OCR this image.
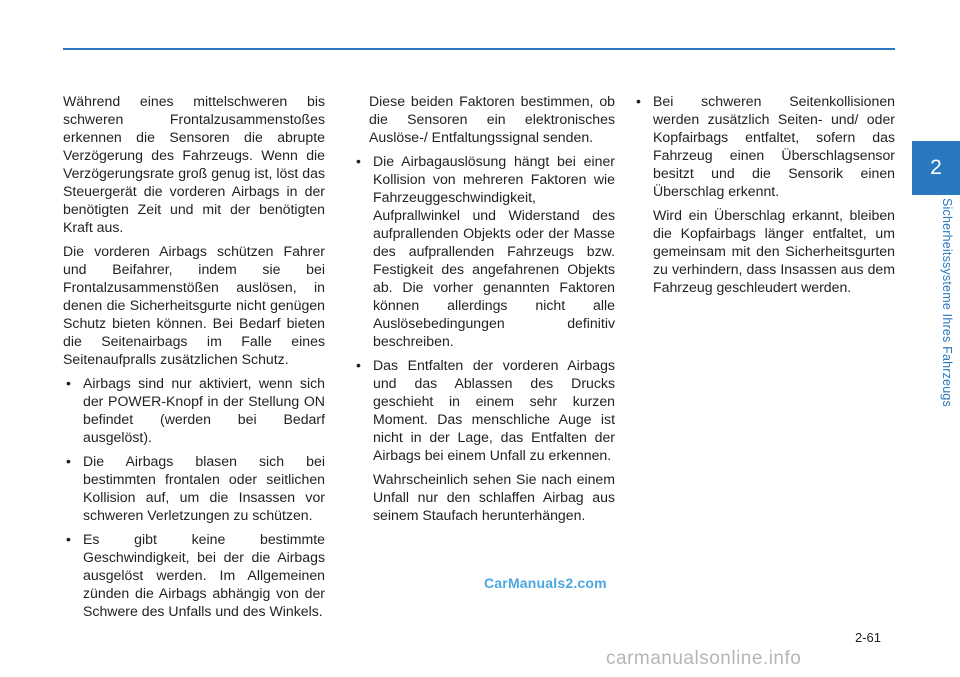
2
Sicherheitssysteme Ihres Fahrzeugs

Während eines mittelschweren bis schweren Frontalzusammenstoßes erkennen die Sensoren die abrupte Verzögerung des Fahrzeugs. Wenn die Verzögerungsrate groß genug ist, löst das Steuergerät die vorderen Airbags in der benötigten Zeit und mit der benötigten Kraft aus.

Die vorderen Airbags schützen Fahrer und Beifahrer, indem sie bei Frontalzusammenstößen auslösen, in denen die Sicherheitsgurte nicht genügen Schutz bieten können. Bei Bedarf bieten die Seitenairbags im Falle eines Seitenaufpralls zusätzlichen Schutz.

• Airbags sind nur aktiviert, wenn sich der POWER-Knopf in der Stellung ON befindet (werden bei Bedarf ausgelöst).
• Die Airbags blasen sich bei bestimmten frontalen oder seitlichen Kollision auf, um die Insassen vor schweren Verletzungen zu schützen.
• Es gibt keine bestimmte Geschwindigkeit, bei der die Airbags ausgelöst werden. Im Allgemeinen zünden die Airbags abhängig von der Schwere des Unfalls und des Winkels.

Diese beiden Faktoren bestimmen, ob die Sensoren ein elektronisches Auslöse-/ Entfaltungssignal senden.

• Die Airbagauslösung hängt bei einer Kollision von mehreren Faktoren wie Fahrzeuggeschwindigkeit, Aufprallwinkel und Widerstand des aufprallenden Objekts oder der Masse des aufprallenden Fahrzeugs bzw. Festigkeit des angefahrenen Objekts ab. Die vorher genannten Faktoren können allerdings nicht alle Auslösebedingungen definitiv beschreiben.
• Das Entfalten der vorderen Airbags und das Ablassen des Drucks geschieht in einem sehr kurzen Moment. Das menschliche Auge ist nicht in der Lage, das Entfalten der Airbags bei einem Unfall zu erkennen.

Wahrscheinlich sehen Sie nach einem Unfall nur den schlaffen Airbag aus seinem Staufach herunterhängen.

• Bei schweren Seitenkollisionen werden zusätzlich Seiten- und/ oder Kopfairbags entfaltet, sofern das Fahrzeug einen Überschlagsensor besitzt und die Sensorik einen Überschlag erkennt.

Wird ein Überschlag erkannt, bleiben die Kopfairbags länger entfaltet, um gemeinsam mit den Sicherheitsgurten zu verhindern, dass Insassen aus dem Fahrzeug geschleudert werden.

CarManuals2.com
2-61
carmanualsonline.info
